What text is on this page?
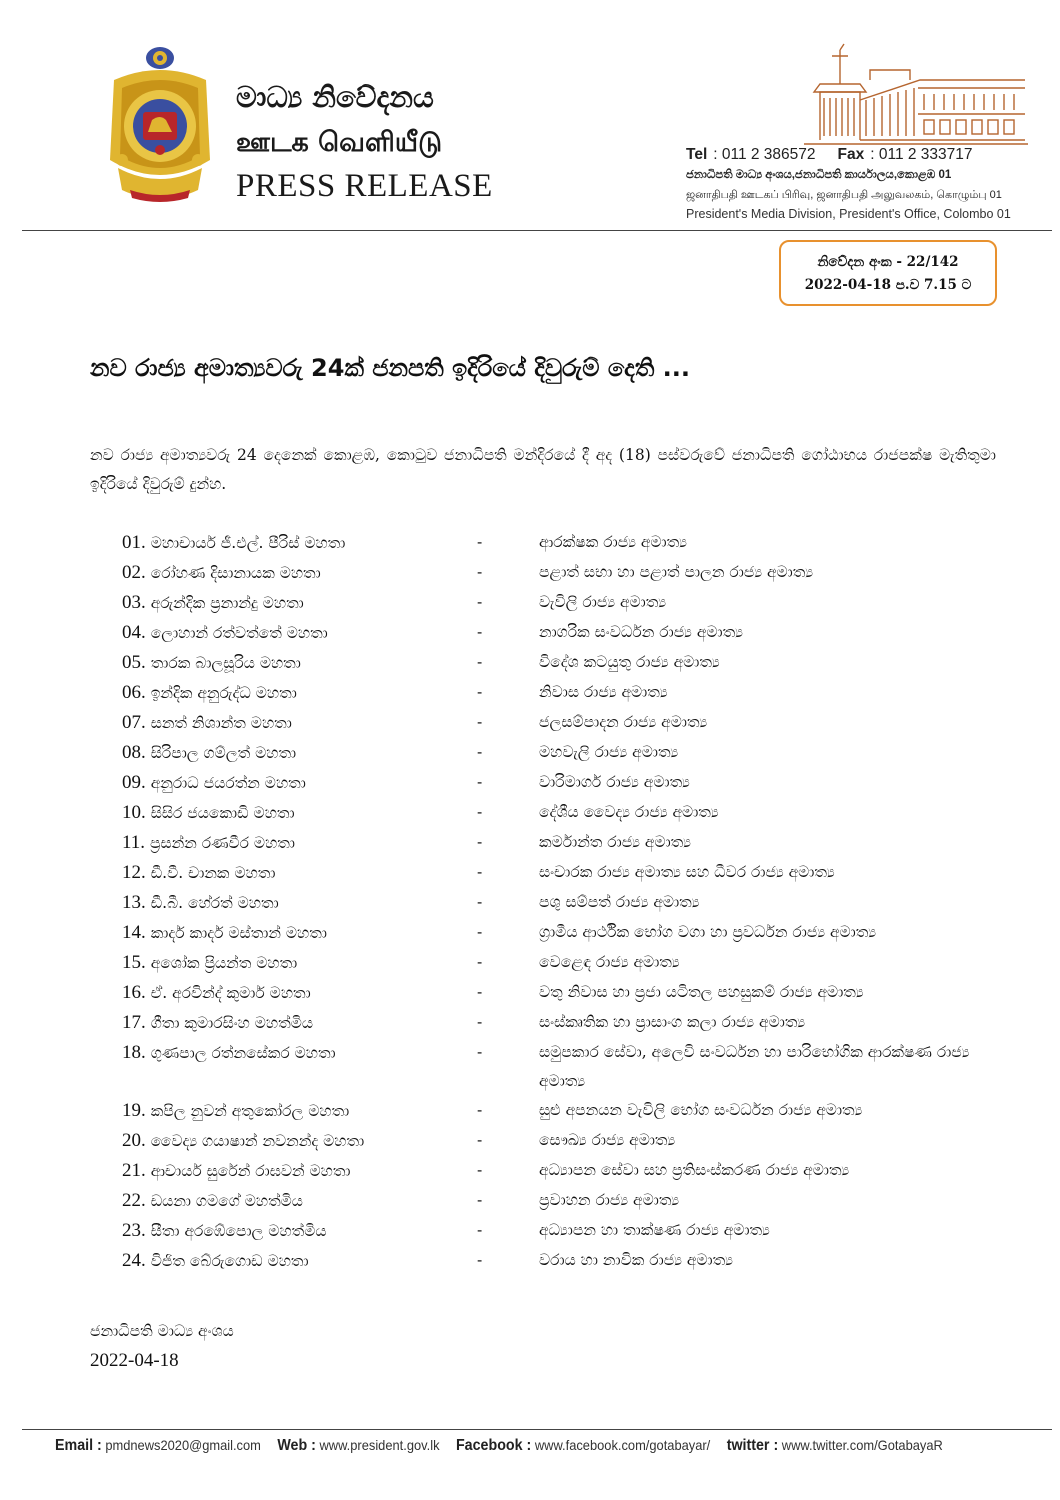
මාධ්‍ය නිවේදනය
ஊடக வெளியீடு
PRESS RELEASE
Tel : 011 2 386572 Fax : 011 2 333717
ජනාධිපති මාධ්‍ය අංශය,ජනාධිපති කාර්යාලය,කොළඹ 01
ஜனாதிபதி ஊடகப் பிரிவு, ஜனாதிபதி அலுவலகம், கொழும்பு 01
President's Media Division, President's Office, Colombo 01
නිවේදන අංක - 22/142
2022-04-18 ප.ව 7.15 ට
නව රාජ්‍ය අමාත්‍යවරු 24ක් ජනපති ඉදිරියේ දිවුරුම් දෙති ...
නව රාජ්‍ය අමාත්‍යවරු 24 දෙනෙක් කොළඹ, කොටුව ජනාධිපති මන්දිරයේ දී අද (18) පස්වරුවේ ජනාධිපති ගෝඨාභය රාජපක්ෂ මැතිතුමා ඉදිරියේ දිවුරුම් දුන්හ.
01. මහාචාර්ය ජී.එල්. පීරිස් මහතා	-	ආරක්ෂක රාජ්‍ය අමාත්‍ය
02. රෝහණ දිසානායක මහතා	-	පළාත් සභා හා පළාත් පාලන රාජ්‍ය අමාත්‍ය
03. අරුන්දික ප්‍රනාන්දු මහතා	-	වැවිලි රාජ්‍ය අමාත්‍ය
04. ලොහාන් රත්වත්තේ මහතා	-	නාගරික සංවර්ධන රාජ්‍ය අමාත්‍ය
05. තාරක බාලසූරිය මහතා	-	විදේශ කටයුතු රාජ්‍ය අමාත්‍ය
06. ඉන්දික අනුරුද්ධ මහතා	-	නිවාස රාජ්‍ය අමාත්‍ය
07. සනත් නිශාන්ත මහතා	-	ජලසම්පාදන රාජ්‍ය අමාත්‍ය
08. සිරිපාල ගම්ලත් මහතා	-	මහවැලි රාජ්‍ය අමාත්‍ය
09. අනුරාධ ජයරත්න මහතා	-	වාරිමාර්ග රාජ්‍ය අමාත්‍ය
10. සිසිර ජයකොඩි මහතා	-	දේශීය වෛද්‍ය රාජ්‍ය අමාත්‍ය
11. ප්‍රසන්න රණවීර මහතා	-	කර්මාන්ත රාජ්‍ය අමාත්‍ය
12. ඩී.වී. චානක මහතා	-	සංචාරක රාජ්‍ය අමාත්‍ය සහ ධීවර රාජ්‍ය අමාත්‍ය
13. ඩී.බී. හේරත් මහතා	-	පශු සම්පත් රාජ්‍ය අමාත්‍ය
14. කාදර් කාදර් මස්තාන් මහතා	-	ග්‍රාමීය ආර්ථික භෝග වගා හා ප්‍රවර්ධන රාජ්‍ය අමාත්‍ය
15. අශෝක ප්‍රියන්ත මහතා	-	වෙළෙඳ රාජ්‍ය අමාත්‍ය
16. ඒ. අරවින්ද් කුමාර් මහතා	-	වතු නිවාස හා ප්‍රජා යටිතල පහසුකම් රාජ්‍ය අමාත්‍ය
17. ගීතා කුමාරසිංහ මහත්මිය	-	සංස්කෘතික හා ප්‍රාසාංග කලා රාජ්‍ය අමාත්‍ය
18. ගුණපාල රත්නසේකර මහතා	-	සමුපකාර සේවා, අලෙවි සංවර්ධන හා පාරිභෝගික ආරක්ෂණ රාජ්‍ය අමාත්‍ය
19. කපිල නුවන් අතුකෝරල මහතා	-	සුළු අපනයන වැවිලි භෝග සංවර්ධන රාජ්‍ය අමාත්‍ය
20. වෛද්‍ය ගයාෂාන් නවනන්ද මහතා	-	සෞඛ්‍ය රාජ්‍ය අමාත්‍ය
21. ආචාර්ය සුරේන් රාඝවන් මහතා	-	අධ්‍යාපන සේවා සහ ප්‍රතිසංස්කරණ රාජ්‍ය අමාත්‍ය
22. ඩයනා ගමගේ මහත්මිය	-	ප්‍රවාහන රාජ්‍ය අමාත්‍ය
23. සීතා අරඹේපොල මහත්මිය	-	අධ්‍යාපන හා තාක්ෂණ රාජ්‍ය අමාත්‍ය
24. විජිත බේරුගොඩ මහතා	-	වරාය හා නාවික රාජ්‍ය අමාත්‍ය
ජනාධිපති මාධ්‍ය අංශය
2022-04-18
Email : pmdnews2020@gmail.com Web : www.president.gov.lk Facebook : www.facebook.com/gotabayar/ twitter : www.twitter.com/GotabayaR
